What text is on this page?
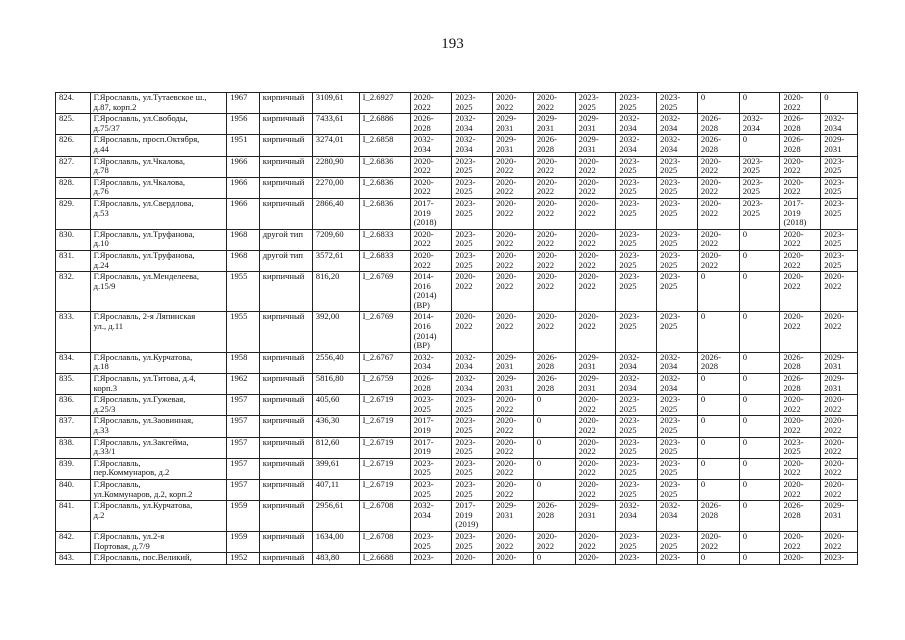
193
824.	Г.Ярославль, ул.Тутаевское ш.,
д.87, корп.2	1967	кирпичный	3109,61	I_2.6927	2020-
2022	2023-
2025	2020-
2022	2020-
2022	2023-
2025	2023-
2025	2023-
2025	0	0	2020-
2022	0
825.	Г.Ярославль, ул.Свободы,
д.75/37	1956	кирпичный	7433,61	I_2.6886	2026-
2028	2032-
2034	2029-
2031	2029-
2031	2029-
2031	2032-
2034	2032-
2034	2026-
2028	2032-
2034	2026-
2028	2032-
2034
826.	Г.Ярославль, просп.Октября,
д.44	1951	кирпичный	3274,01	I_2.6858	2032-
2034	2032-
2034	2029-
2031	2026-
2028	2029-
2031	2032-
2034	2032-
2034	2026-
2028	0	2026-
2028	2029-
2031
827.	Г.Ярославль, ул.Чкалова,
д.78	1966	кирпичный	2280,90	I_2.6836	2020-
2022	2023-
2025	2020-
2022	2020-
2022	2020-
2022	2023-
2025	2023-
2025	2020-
2022	2023-
2025	2020-
2022	2023-
2025
828.	Г.Ярославль, ул.Чкалова,
д.76	1966	кирпичный	2270,00	I_2.6836	2020-
2022	2023-
2025	2020-
2022	2020-
2022	2020-
2022	2023-
2025	2023-
2025	2020-
2022	2023-
2025	2020-
2022	2023-
2025
829.	Г.Ярославль, ул.Свердлова,
д.53	1966	кирпичный	2866,40	I_2.6836	2017-
2019
(2018)	2023-
2025	2020-
2022	2020-
2022	2020-
2022	2023-
2025	2023-
2025	2020-
2022	2023-
2025	2017-
2019
(2018)	2023-
2025
830.	Г.Ярославль, ул.Труфанова,
д.10	1968	другой тип	7209,60	I_2.6833	2020-
2022	2023-
2025	2020-
2022	2020-
2022	2020-
2022	2023-
2025	2023-
2025	2020-
2022	0	2020-
2022	2023-
2025
831.	Г.Ярославль, ул.Труфанова,
д.24	1968	другой тип	3572,61	I_2.6833	2020-
2022	2023-
2025	2020-
2022	2020-
2022	2020-
2022	2023-
2025	2023-
2025	2020-
2022	0	2020-
2022	2023-
2025
832.	Г.Ярославль, ул.Менделеева,
д.15/9	1955	кирпичный	816,20	I_2.6769	2014-
2016
(2014)
(ВР)	2020-
2022	2020-
2022	2020-
2022	2020-
2022	2023-
2025	2023-
2025	0	0	2020-
2022	2020-
2022
833.	Г.Ярославль, 2-я Ляпинская
ул., д.11	1955	кирпичный	392,00	I_2.6769	2014-
2016
(2014)
(ВР)	2020-
2022	2020-
2022	2020-
2022	2020-
2022	2023-
2025	2023-
2025	0	0	2020-
2022	2020-
2022
834.	Г.Ярославль, ул.Курчатова,
д.18	1958	кирпичный	2556,40	I_2.6767	2032-
2034	2032-
2034	2029-
2031	2026-
2028	2029-
2031	2032-
2034	2032-
2034	2026-
2028	0	2026-
2028	2029-
2031
835.	Г.Ярославль, ул.Титова, д.4,
корп.3	1962	кирпичный	5816,80	I_2.6759	2026-
2028	2032-
2034	2029-
2031	2026-
2028	2029-
2031	2032-
2034	2032-
2034	0	0	2026-
2028	2029-
2031
836.	Г.Ярославль, ул.Гужевая,
д.25/3	1957	кирпичный	405,60	I_2.6719	2023-
2025	2023-
2025	2020-
2022	0	2020-
2022	2023-
2025	2023-
2025	0	0	2020-
2022	2020-
2022
837.	Г.Ярославль, ул.Заовинная,
д.33	1957	кирпичный	436,30	I_2.6719	2017-
2019	2023-
2025	2020-
2022	0	2020-
2022	2023-
2025	2023-
2025	0	0	2020-
2022	2020-
2022
838.	Г.Ярославль, ул.Закгейма,
д.33/1	1957	кирпичный	812,60	I_2.6719	2017-
2019	2023-
2025	2020-
2022	0	2020-
2022	2023-
2025	2023-
2025	0	0	2023-
2025	2020-
2022
839.	Г.Ярославль,
пер.Коммунаров, д.2	1957	кирпичный	399,61	I_2.6719	2023-
2025	2023-
2025	2020-
2022	0	2020-
2022	2023-
2025	2023-
2025	0	0	2020-
2022	2020-
2022
840.	Г.Ярославль,
ул.Коммунаров, д.2, корп.2	1957	кирпичный	407,11	I_2.6719	2023-
2025	2023-
2025	2020-
2022	0	2020-
2022	2023-
2025	2023-
2025	0	0	2020-
2022	2020-
2022
841.	Г.Ярославль, ул.Курчатова,
д.2	1959	кирпичный	2956,61	I_2.6708	2032-
2034	2017-
2019
(2019)	2029-
2031	2026-
2028	2029-
2031	2032-
2034	2032-
2034	2026-
2028	0	2026-
2028	2029-
2031
842.	Г.Ярославль, ул.2-я
Портовая, д.7/9	1959	кирпичный	1634,00	I_2.6708	2023-
2025	2023-
2025	2020-
2022	2020-
2022	2020-
2022	2023-
2025	2023-
2025	2020-
2022	0	2020-
2022	2020-
2022
843.	Г.Ярославль, пос.Великий,	1952	кирпичный	483,80	I_2.6688	2023-	2020-	2020-	0	2020-	2023-	2023-	0	0	2020-	2023-
